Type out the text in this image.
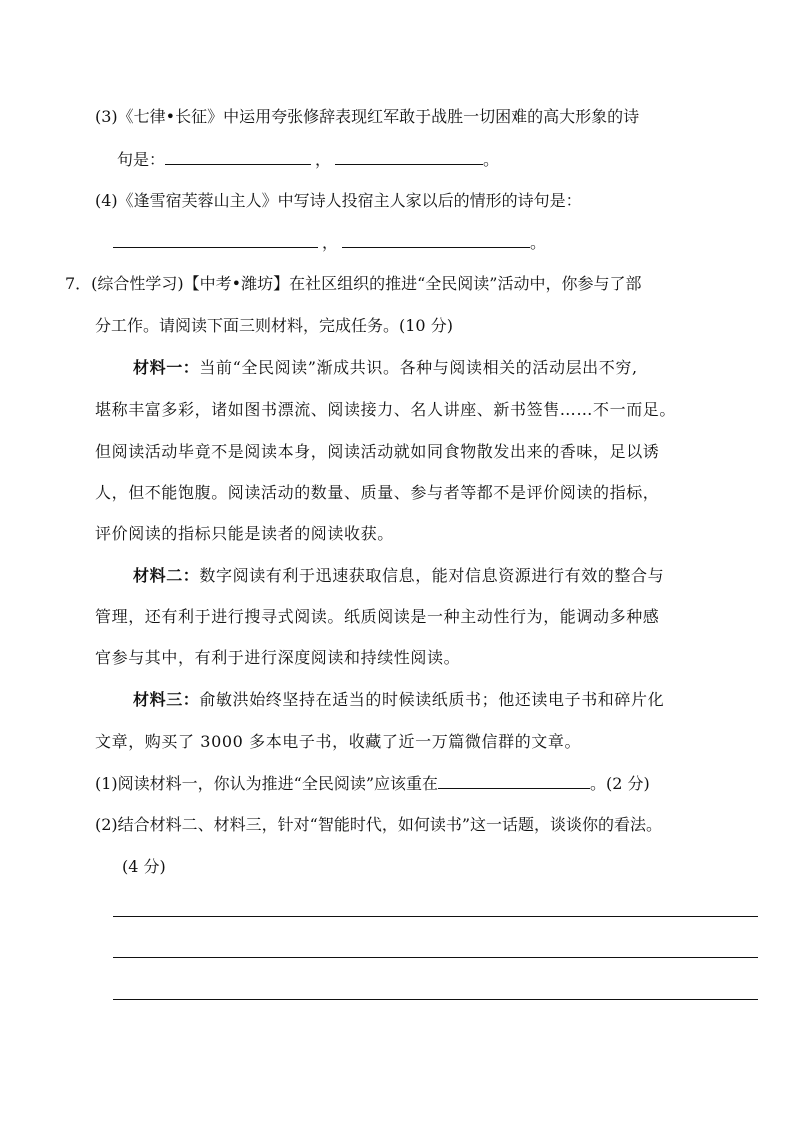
(3)《七律•长征》中运用夸张修辞表现红军敢于战胜一切困难的高大形象的诗
句是：	，	。
(4)《逢雪宿芙蓉山主人》中写诗人投宿主人家以后的情形的诗句是：
，	。
7．(综合性学习)【中考•潍坊】在社区组织的推进“全民阅读”活动中，你参与了部
分工作。请阅读下面三则材料，完成任务。(10 分)
材料一：当前“全民阅读”渐成共识。各种与阅读相关的活动层出不穷,
堪称丰富多彩，诸如图书漂流、阅读接力、名人讲座、新书签售……不一而足。
但阅读活动毕竟不是阅读本身，阅读活动就如同食物散发出来的香味，足以诱
人，但不能饱腹。阅读活动的数量、质量、参与者等都不是评价阅读的指标，
评价阅读的指标只能是读者的阅读收获。
材料二：数字阅读有利于迅速获取信息，能对信息资源进行有效的整合与
管理，还有利于进行搜寻式阅读。纸质阅读是一种主动性行为，能调动多种感
官参与其中，有利于进行深度阅读和持续性阅读。
材料三：俞敏洪始终坚持在适当的时候读纸质书；他还读电子书和碎片化
文章，购买了 3000 多本电子书，收藏了近一万篇微信群的文章。
(1)阅读材料一，你认为推进“全民阅读”应该重在	。(2 分)
(2)结合材料二、材料三，针对“智能时代，如何读书”这一话题，谈谈你的看法。
(4 分)
